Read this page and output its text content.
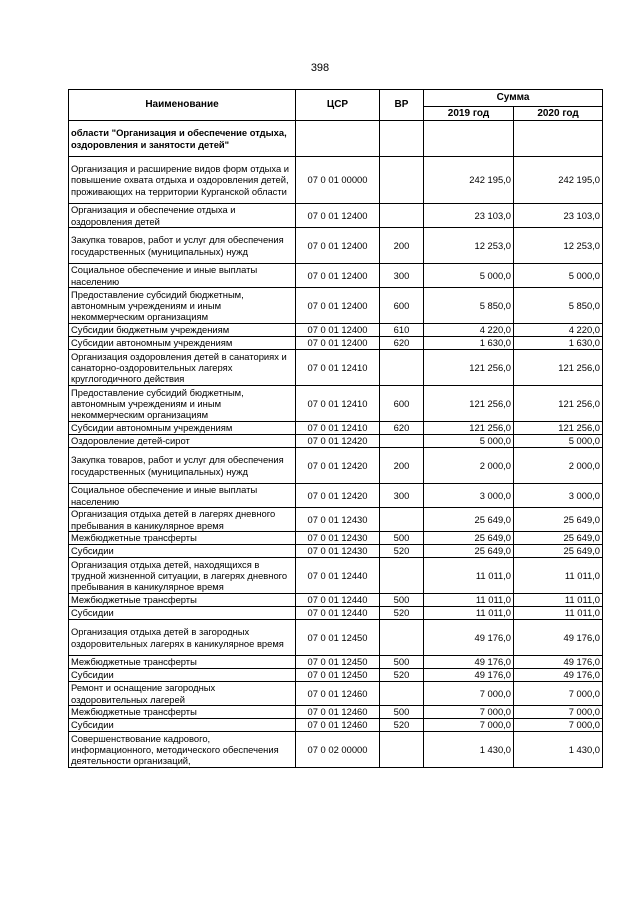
398
Наименование	ЦСР	ВР	Сумма	
			2019 год	2020 год
области "Организация и обеспечение отдыха, оздоровления и занятости детей"				
Организация и расширение видов форм отдыха и повышение охвата отдыха и оздоровления детей, проживающих на территории Курганской области	07 0 01 00000		242 195,0	242 195,0
Организация и обеспечение отдыха и оздоровления детей	07 0 01 12400		23 103,0	23 103,0
Закупка товаров, работ и услуг для обеспечения государственных (муниципальных) нужд	07 0 01 12400	200	12 253,0	12 253,0
Социальное обеспечение и иные выплаты населению	07 0 01 12400	300	5 000,0	5 000,0
Предоставление субсидий бюджетным, автономным учреждениям и иным некоммерческим организациям	07 0 01 12400	600	5 850,0	5 850,0
Субсидии бюджетным учреждениям	07 0 01 12400	610	4 220,0	4 220,0
Субсидии автономным учреждениям	07 0 01 12400	620	1 630,0	1 630,0
Организация оздоровления детей в санаториях и санаторно-оздоровительных лагерях круглогодичного действия	07 0 01 12410		121 256,0	121 256,0
Предоставление субсидий бюджетным, автономным учреждениям и иным некоммерческим организациям	07 0 01 12410	600	121 256,0	121 256,0
Субсидии автономным учреждениям	07 0 01 12410	620	121 256,0	121 256,0
Оздоровление детей-сирот	07 0 01 12420		5 000,0	5 000,0
Закупка товаров, работ и услуг для обеспечения государственных (муниципальных) нужд	07 0 01 12420	200	2 000,0	2 000,0
Социальное обеспечение и иные выплаты населению	07 0 01 12420	300	3 000,0	3 000,0
Организация отдыха детей в лагерях дневного пребывания в каникулярное время	07 0 01 12430		25 649,0	25 649,0
Межбюджетные трансферты	07 0 01 12430	500	25 649,0	25 649,0
Субсидии	07 0 01 12430	520	25 649,0	25 649,0
Организация отдыха детей, находящихся в трудной жизненной ситуации, в лагерях дневного пребывания в каникулярное время	07 0 01 12440		11 011,0	11 011,0
Межбюджетные трансферты	07 0 01 12440	500	11 011,0	11 011,0
Субсидии	07 0 01 12440	520	11 011,0	11 011,0
Организация отдыха детей в загородных оздоровительных лагерях в каникулярное время	07 0 01 12450		49 176,0	49 176,0
Межбюджетные трансферты	07 0 01 12450	500	49 176,0	49 176,0
Субсидии	07 0 01 12450	520	49 176,0	49 176,0
Ремонт и оснащение загородных оздоровительных лагерей	07 0 01 12460		7 000,0	7 000,0
Межбюджетные трансферты	07 0 01 12460	500	7 000,0	7 000,0
Субсидии	07 0 01 12460	520	7 000,0	7 000,0
Совершенствование кадрового, информационного, методического обеспечения деятельности организаций,	07 0 02 00000		1 430,0	1 430,0
